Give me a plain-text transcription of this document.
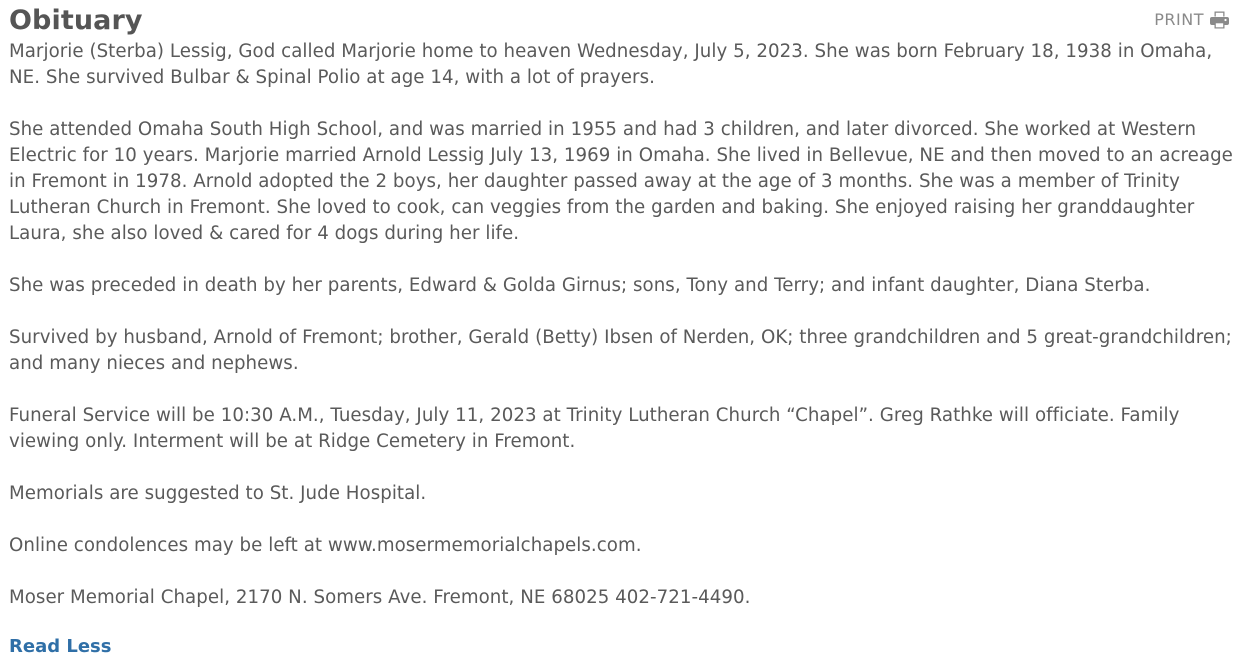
Obituary	PRINT

Marjorie (Sterba) Lessig, God called Marjorie home to heaven Wednesday, July 5, 2023. She was born February 18, 1938 in Omaha, NE. She survived Bulbar & Spinal Polio at age 14, with a lot of prayers.

She attended Omaha South High School, and was married in 1955 and had 3 children, and later divorced. She worked at Western Electric for 10 years. Marjorie married Arnold Lessig July 13, 1969 in Omaha. She lived in Bellevue, NE and then moved to an acreage in Fremont in 1978. Arnold adopted the 2 boys, her daughter passed away at the age of 3 months. She was a member of Trinity Lutheran Church in Fremont. She loved to cook, can veggies from the garden and baking. She enjoyed raising her granddaughter Laura, she also loved & cared for 4 dogs during her life.

She was preceded in death by her parents, Edward & Golda Girnus; sons, Tony and Terry; and infant daughter, Diana Sterba.

Survived by husband, Arnold of Fremont; brother, Gerald (Betty) Ibsen of Nerden, OK; three grandchildren and 5 great-grandchildren; and many nieces and nephews.

Funeral Service will be 10:30 A.M., Tuesday, July 11, 2023 at Trinity Lutheran Church “Chapel”. Greg Rathke will officiate. Family viewing only. Interment will be at Ridge Cemetery in Fremont.

Memorials are suggested to St. Jude Hospital.

Online condolences may be left at www.mosermemorialchapels.com.

Moser Memorial Chapel, 2170 N. Somers Ave. Fremont, NE 68025 402-721-4490.

Read Less
